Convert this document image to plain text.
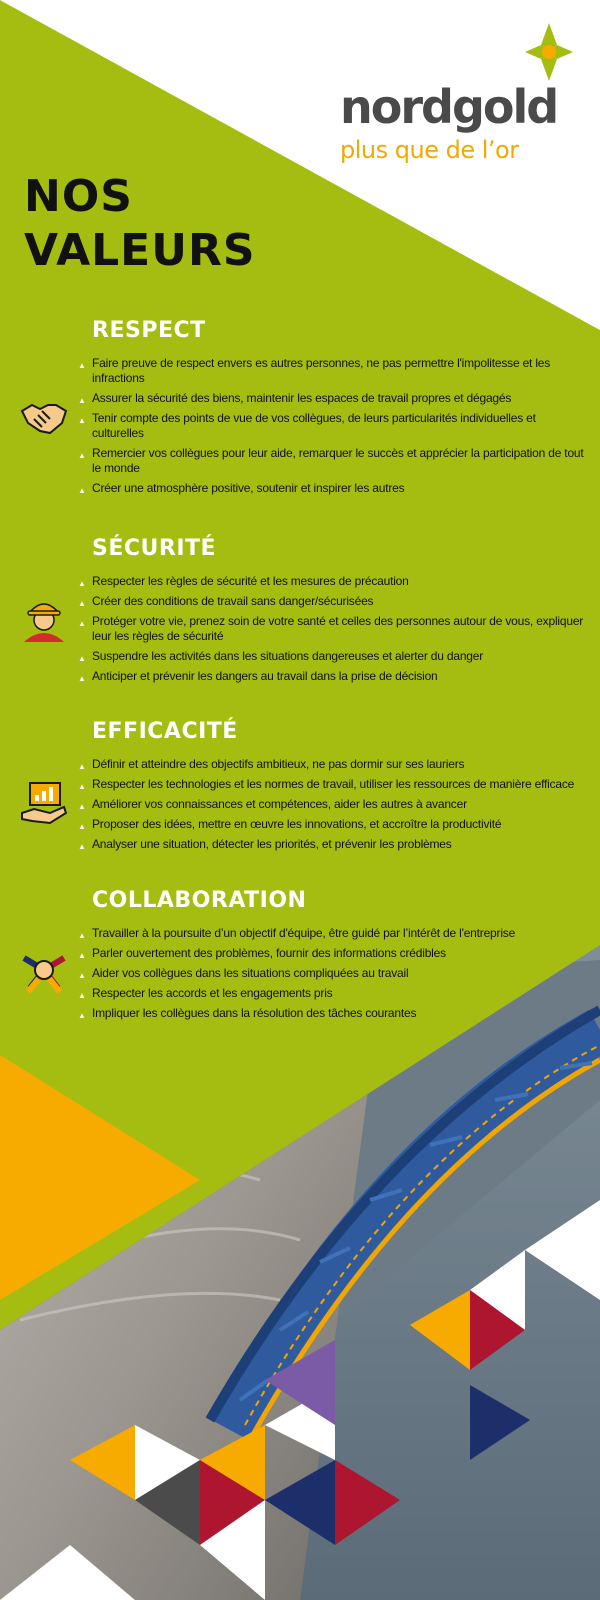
nordgold

plus que de l’or

NOS
VALEURS
RESPECT
▲ Faire preuve de respect envers es autres personnes, ne pas permettre l'impolitesse et les infractions
▲ Assurer la sécurité des biens, maintenir les espaces de travail propres et dégagés
▲ Tenir compte des points de vue de vos collègues, de leurs particularités individuelles et culturelles
▲ Remercier vos collègues pour leur aide, remarquer le succès et apprécier la participation de tout le monde
▲ Créer une atmosphère positive, soutenir et inspirer les autres
SÉCURITÉ
▲ Respecter les règles de sécurité et les mesures de précaution
▲ Créer des conditions de travail sans danger/sécurisées
▲ Protéger votre vie, prenez soin de votre santé et celles des personnes autour de vous, expliquer leur les règles de sécurité
▲ Suspendre les activités dans les situations dangereuses et alerter du danger
▲ Anticiper et prévenir les dangers au travail dans la prise de décision
EFFICACITÉ
▲ Définir et atteindre des objectifs ambitieux, ne pas dormir sur ses lauriers
▲ Respecter les technologies et les normes de travail, utiliser les ressources de manière efficace
▲ Améliorer vos connaissances et compétences, aider les autres à avancer
▲ Proposer des idées, mettre en œuvre les innovations, et accroître la productivité
▲ Analyser une situation, détecter les priorités, et prévenir les problèmes
COLLABORATION
▲ Travailler à la poursuite d’un objectif d'équipe, être guidé par l’intérêt de l'entreprise
▲ Parler ouvertement des problèmes, fournir des informations crédibles
▲ Aider vos collègues dans les situations compliquées au travail
▲ Respecter les accords et les engagements pris
▲ Impliquer les collègues dans la résolution des tâches courantes
